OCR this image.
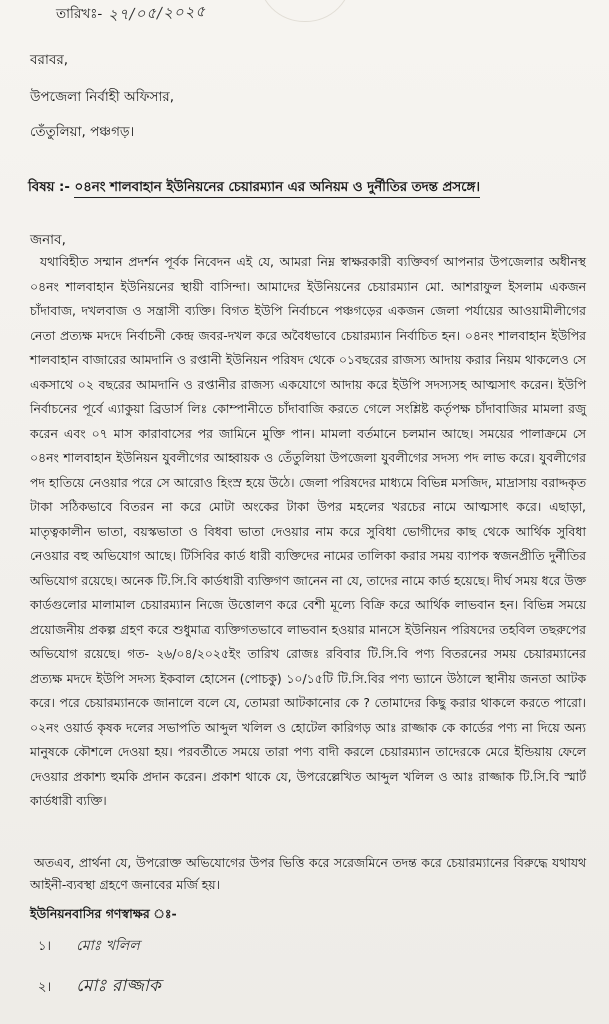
তারিখঃ- ২৭/০৫/২০২৫
বরাবর,
উপজেলা নির্বাহী অফিসার,
তেঁতুলিয়া, পঞ্চগড়।
বিষয় :- ০৪নং শালবাহান ইউনিয়নের চেয়ারম্যান এর অনিয়ম ও দুর্নীতির তদন্ত প্রসঙ্গে।
জনাব,
যথাবিহীত সম্মান প্রদর্শন পূর্বক নিবেদন এই যে, আমরা নিম্ন স্বাক্ষরকারী ব্যক্তিবর্গ আপনার উপজেলার অধীনস্থ ০৪নং শালবাহান ইউনিয়নের স্থায়ী বাসিন্দা। আমাদের ইউনিয়নের চেয়ারম্যান মো. আশরাফুল ইসলাম একজন চাঁদাবাজ, দখলবাজ ও সন্ত্রাসী ব্যক্তি। বিগত ইউপি নির্বাচনে পঞ্চগড়ের একজন জেলা পর্যায়ের আওয়ামীলীগের নেতা প্রত্যক্ষ মদদে নির্বাচনী কেন্দ্র জবর-দখল করে অবৈধভাবে চেয়ারম্যান নির্বাচিত হন। ০৪নং শালবাহান ইউপির শালবাহান বাজারের আমদানি ও রপ্তানী ইউনিয়ন পরিষদ থেকে ০১বছরের রাজস্য আদায় করার নিয়ম থাকলেও সে একসাথে ০২ বছরের আমদানি ও রপ্তানীর রাজস্য একযোগে আদায় করে ইউপি সদস্যসহ আত্মসাৎ করেন। ইউপি নির্বাচনের পূর্বে এ্যাকুয়া ব্রিডার্স লিঃ কোম্পানীতে চাঁদাবাজি করতে গেলে সংশ্লিষ্ট কর্তৃপক্ষ চাঁদাবাজির মামলা রজু করেন এবং ০৭ মাস কারাবাসের পর জামিনে মুক্তি পান। মামলা বর্তমানে চলমান আছে। সময়ের পালাক্রমে সে ০৪নং শালবাহান ইউনিয়ন যুবলীগের আহ্বায়ক ও তেঁতুলিয়া উপজেলা যুবলীগের সদস্য পদ লাভ করে। যুবলীগের পদ হাতিয়ে নেওয়ার পরে সে আরোও হিংস্র হয়ে উঠে। জেলা পরিষদের মাধ্যমে বিভিন্ন মসজিদ, মাদ্রাসায় বরাদ্দকৃত টাকা সঠিকভাবে বিতরন না করে মোটা অংকের টাকা উপর মহলের খরচের নামে আত্মসাৎ করে। এছাড়া, মাতৃত্বকালীন ভাতা, বয়স্কভাতা ও বিধবা ভাতা দেওয়ার নাম করে সুবিধা ভোগীদের কাছ থেকে আর্থিক সুবিধা নেওয়ার বহু অভিযোগ আছে। টিসিবির কার্ড ধারী ব্যক্তিদের নামের তালিকা করার সময় ব্যাপক স্বজনপ্রীতি দুর্নীতির অভিযোগ রয়েছে। অনেক টি.সি.বি কার্ডধারী ব্যক্তিগণ জানেন না যে, তাদের নামে কার্ড হয়েছে। দীর্ঘ সময় ধরে উক্ত কার্ডগুলোর মালামাল চেয়ারম্যান নিজে উত্তোলণ করে বেশী মূল্যে বিক্রি করে আর্থিক লাভবান হন। বিভিন্ন সময়ে প্রয়োজনীয় প্রকল্প গ্রহণ করে শুধুমাত্র ব্যক্তিগতভাবে লাভবান হওয়ার মানসে ইউনিয়ন পরিষদের তহবিল তছরুপের অভিযোগ রয়েছে। গত- ২৬/০৪/২০২৫ইং তারিখ রোজঃ রবিবার টি.সি.বি পণ্য বিতরনের সময় চেয়ারম্যানের প্রত্যক্ষ মদদে ইউপি সদস্য ইকবাল হোসেন (পোচকু) ১০/১৫টি টি.সি.বির পণ্য ভ্যানে উঠালে স্থানীয় জনতা আটক করে। পরে চেয়ারম্যানকে জানালে বলে যে, তোমরা আটকানোর কে ? তোমাদের কিছু করার থাকলে করতে পারো। ০২নং ওয়ার্ড কৃষক দলের সভাপতি আব্দুল খলিল ও হোটেল কারিগড় আঃ রাজ্জাক কে কার্ডের পণ্য না দিয়ে অন্য মানুষকে কৌশলে দেওয়া হয়। পরবর্তীতে সময়ে তারা পণ্য বাদী করলে চেয়ারম্যান তাদেরকে মেরে ইন্ডিয়ায় ফেলে দেওয়ার প্রকাশ্য হুমকি প্রদান করেন। প্রকাশ থাকে যে, উপরেল্লেখিত আব্দুল খলিল ও আঃ রাজ্জাক টি.সি.বি স্মার্ট কার্ডধারী ব্যক্তি।
অতএব, প্রার্থনা যে, উপরোক্ত অভিযোগের উপর ভিত্তি করে সরেজমিনে তদন্ত করে চেয়ারম্যানের বিরুদ্ধে যথাযথ আইনী-ব্যবস্থা গ্রহণে জনাবের মর্জি হয়।
ইউনিয়নবাসির গণস্বাক্ষর ঃ-
১। মোঃ খলিল
২। মোঃ রাজ্জাক
